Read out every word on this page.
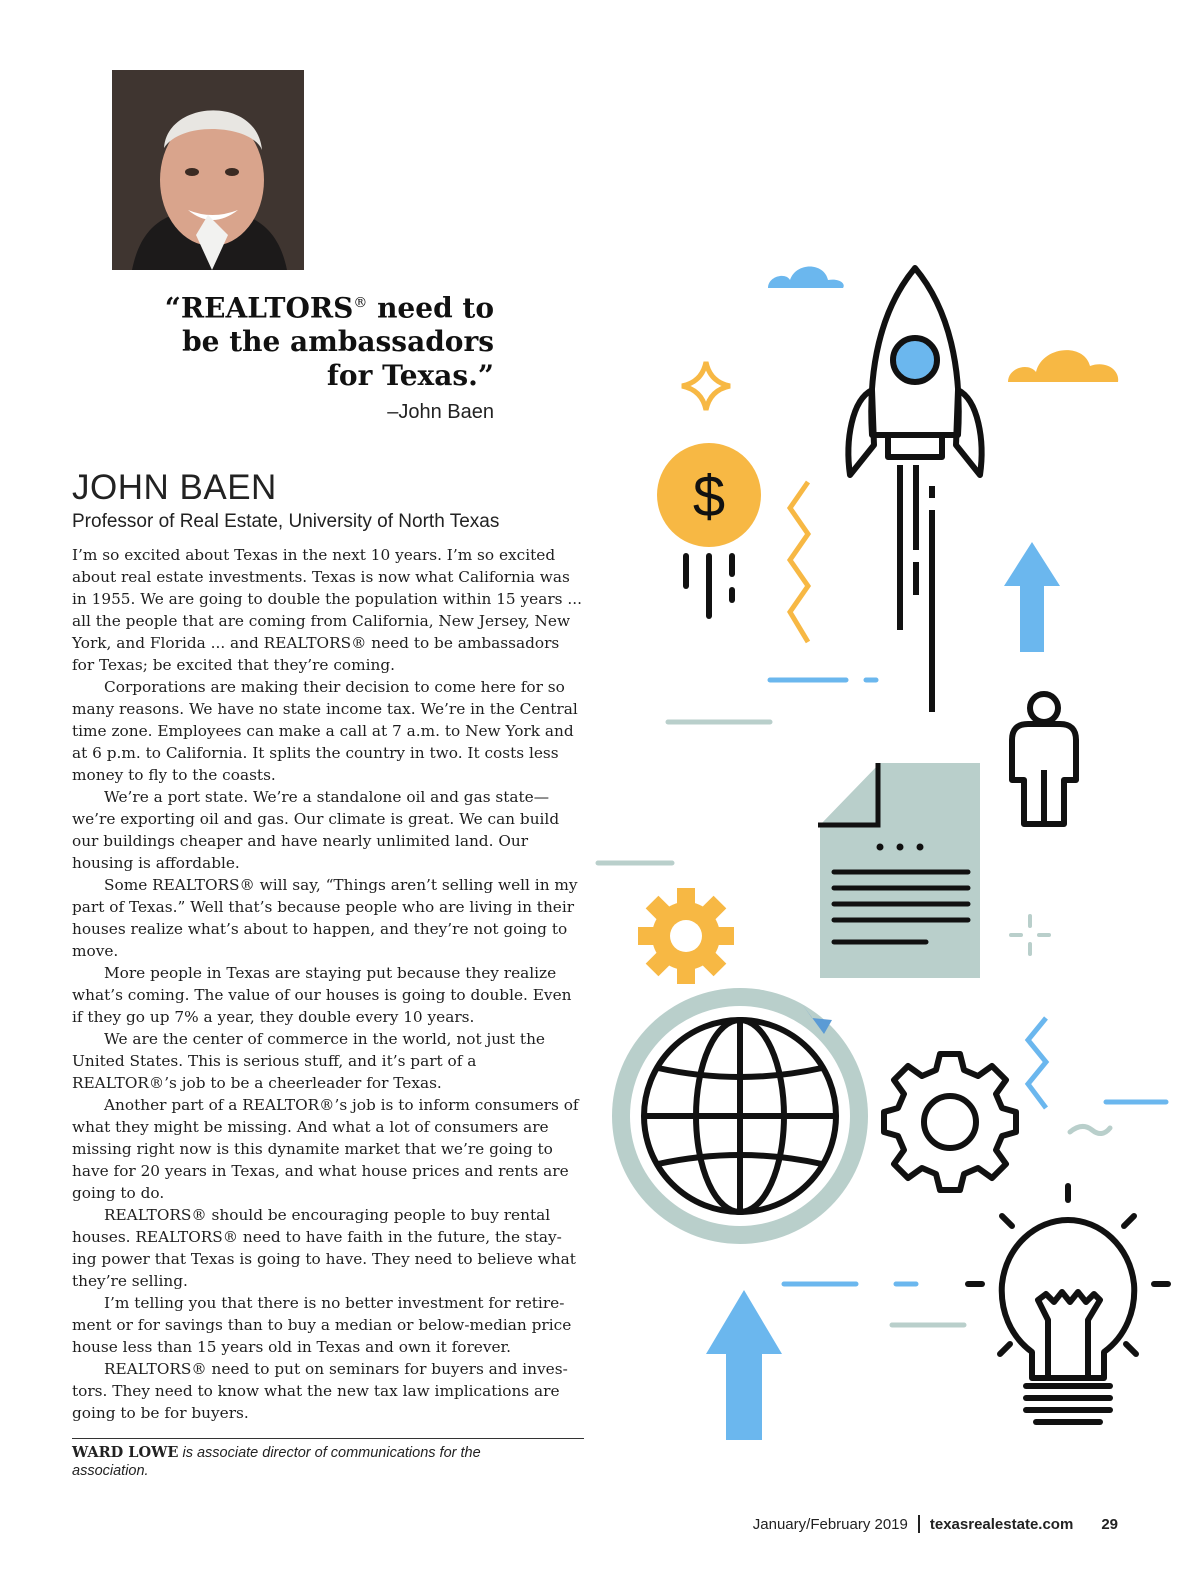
“REALTORS® need to
be the ambassadors
for Texas.”
–John Baen
JOHN BAEN
Professor of Real Estate, University of North Texas

I’m so excited about Texas in the next 10 years. I’m so excited about real estate investments. Texas is now what California was in 1955. We are going to double the population within 15 years ... all the people that are coming from California, New Jersey, New York, and Florida ... and REALTORS® need to be ambassadors for Texas; be excited that they’re coming.

Corporations are making their decision to come here for so many reasons. We have no state income tax. We’re in the Central time zone. Employees can make a call at 7 a.m. to New York and at 6 p.m. to California. It splits the country in two. It costs less money to fly to the coasts.

We’re a port state. We’re a standalone oil and gas state— we’re exporting oil and gas. Our climate is great. We can build our buildings cheaper and have nearly unlimited land. Our housing is affordable.

Some REALTORS® will say, “Things aren’t selling well in my part of Texas.” Well that’s because people who are living in their houses realize what’s about to happen, and they’re not going to move.

More people in Texas are staying put because they realize what’s coming. The value of our houses is going to double. Even if they go up 7% a year, they double every 10 years.

We are the center of commerce in the world, not just the United States. This is serious stuff, and it’s part of a REALTOR®’s job to be a cheerleader for Texas.

Another part of a REALTOR®’s job is to inform consumers of what they might be missing. And what a lot of consumers are missing right now is this dynamite market that we’re going to have for 20 years in Texas, and what house prices and rents are going to do.

REALTORS® should be encouraging people to buy rental houses. REALTORS® need to have faith in the future, the stay- ing power that Texas is going to have. They need to believe what they’re selling.

I’m telling you that there is no better investment for retire- ment or for savings than to buy a median or below-median price house less than 15 years old in Texas and own it forever.

REALTORS® need to put on seminars for buyers and inves- tors. They need to know what the new tax law implications are going to be for buyers.

WARD LOWE is associate director of communications for the association.
January/February 2019 texasrealestate.com 29
$
